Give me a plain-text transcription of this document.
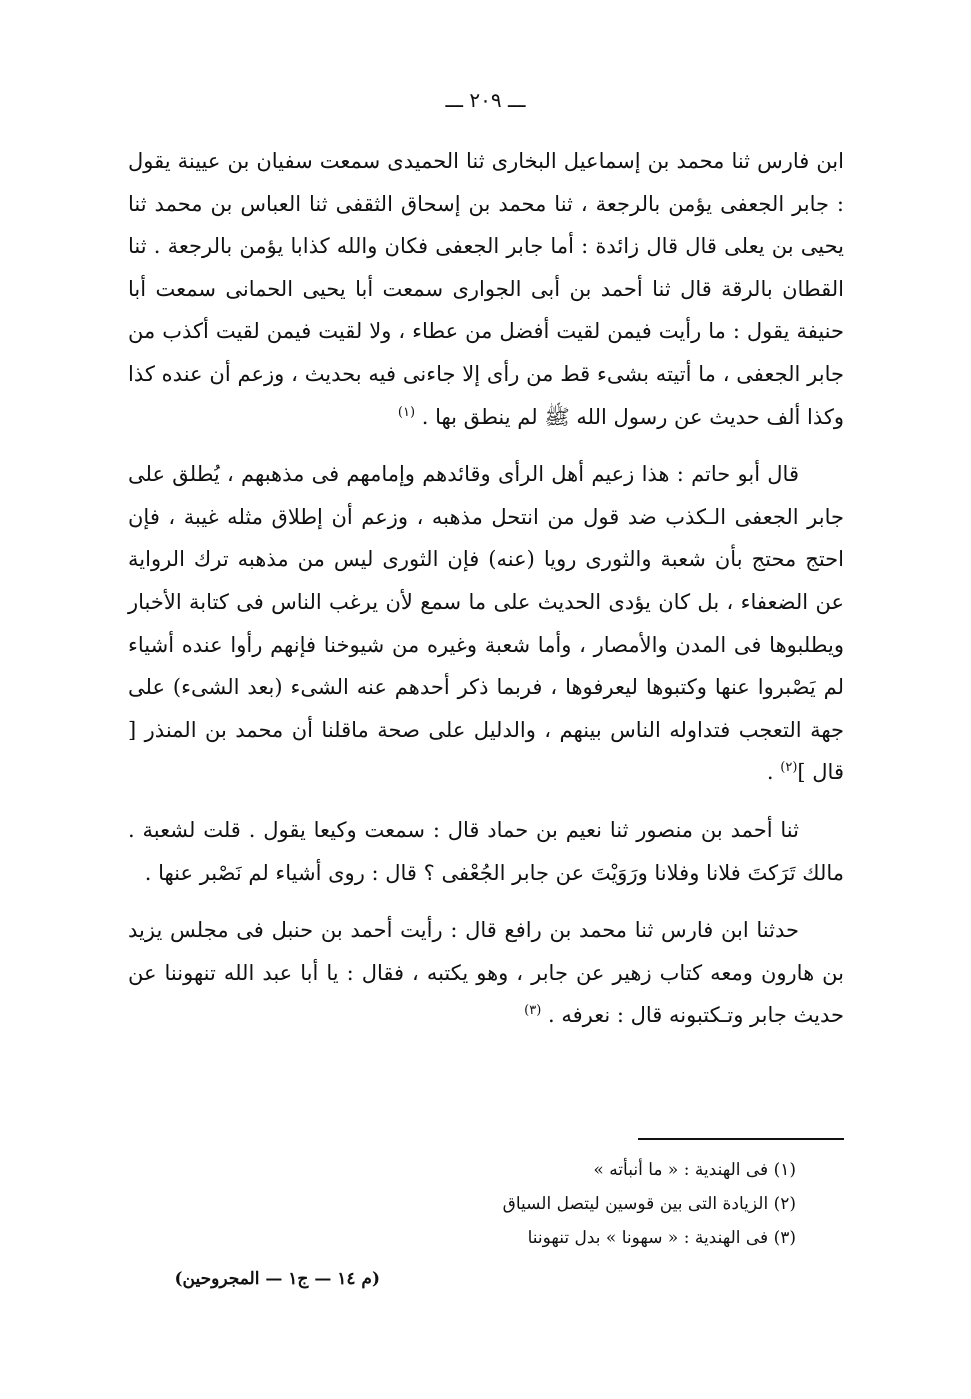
ـــ ٢٠٩ ـــ

ابن فارس ثنا محمد بن إسماعيل البخارى ثنا الحميدى سمعت سفيان بن عيينة يقول : جابر الجعفى يؤمن بالرجعة ، ثنا محمد بن إسحاق الثقفى ثنا العباس بن محمد ثنا يحيى بن يعلى قال قال زائدة : أما جابر الجعفى فكان والله كذابا يؤمن بالرجعة . ثنا القطان بالرقة قال ثنا أحمد بن أبى الجوارى سمعت أبا يحيى الحمانى سمعت أبا حنيفة يقول : ما رأيت فيمن لقيت أفضل من عطاء ، ولا لقيت فيمن لقيت أكذب من جابر الجعفى ، ما أتيته بشىء قط من رأى إلا جاءنى فيه بحديث ، وزعم أن عنده كذا وكذا ألف حديث عن رسول الله ﷺ لم ينطق بها . $^{(١)}$

قال أبو حاتم : هذا زعيم أهل الرأى وقائدهم وإمامهم فى مذهبهم ، يُطلق على جابر الجعفى الـكذب ضد قول من انتحل مذهبه ، وزعم أن إطلاق مثله غيبة ، فإن احتج محتج بأن شعبة والثورى رويا (عنه) فإن الثورى ليس من مذهبه ترك الرواية عن الضعفاء ، بل كان يؤدى الحديث على ما سمع لأن يرغب الناس فى كتابة الأخبار ويطلبوها فى المدن والأمصار ، وأما شعبة وغيره من شيوخنا فإنهم رأوا عنده أشياء لم يَصْبروا عنها وكتبوها ليعرفوها ، فربما ذكر أحدهم عنه الشىء (بعد الشىء) على جهة التعجب فتداوله الناس بينهم ، والدليل على صحة ماقلنا أن محمد بن المنذر [ قال ]$^{(٢)}$ .

ثنا أحمد بن منصور ثنا نعيم بن حماد قال : سمعت وكيعا يقول . قلت لشعبة . مالك تَرَكتَ فلانا وفلانا ورَوَيْتَ عن جابر الجُعْفى ؟ قال : روى أشياء لم نَصْبر عنها .

حدثنا ابن فارس ثنا محمد بن رافع قال : رأيت أحمد بن حنبل فى مجلس يزيد بن هارون ومعه كتاب زهير عن جابر ، وهو يكتبه ، فقال : يا أبا عبد الله تنهوننا عن حديث جابر وتـكتبونه قال : نعرفه . $^{(٣)}$

(١) فى الهندية : « ما أنبأته »
(٢) الزيادة التى بين قوسين ليتصل السياق
(٣) فى الهندية : « سهونا » بدل تنهوننا
(م ١٤ — ج١ — المجروحين)
